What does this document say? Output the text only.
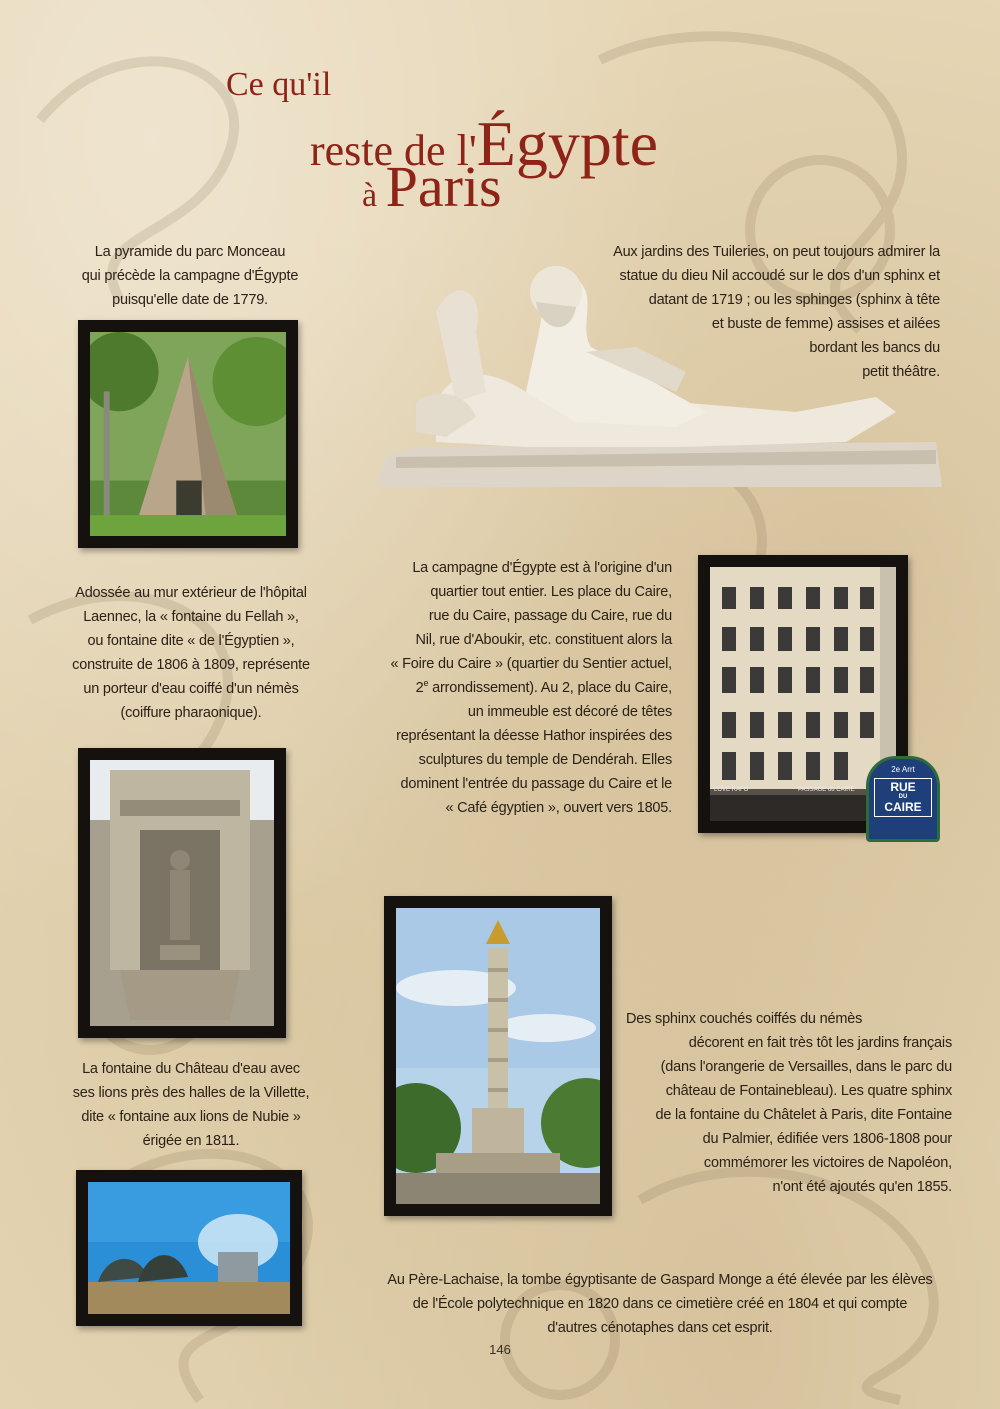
Ce qu'il
reste de l'Égypte
à Paris
La pyramide du parc Monceau
qui précède la campagne d'Égypte
puisqu'elle date de 1779.
Aux jardins des Tuileries, on peut toujours admirer la
statue du dieu Nil accoudé sur le dos d'un sphinx et
datant de 1719 ; ou les sphinges (sphinx à tête
et buste de femme) assises et ailées
bordant les bancs du
petit théâtre.
Adossée au mur extérieur de l'hôpital
Laennec, la « fontaine du Fellah »,
ou fontaine dite « de l'Égyptien »,
construite de 1806 à 1809, représente
un porteur d'eau coiffé d'un némès
(coiffure pharaonique).
La campagne d'Égypte est à l'origine d'un
quartier tout entier. Les place du Caire,
rue du Caire, passage du Caire, rue du
Nil, rue d'Aboukir, etc. constituent alors la
« Foire du Caire » (quartier du Sentier actuel,
2e arrondissement). Au 2, place du Caire,
un immeuble est décoré de têtes
représentant la déesse Hathor inspirées des
sculptures du temple de Dendérah. Elles
dominent l'entrée du passage du Caire et le
« Café égyptien », ouvert vers 1805.
PASSAGE du CAIRE
LOVE RAFO
2e Arrt
RUE
DU
CAIRE
La fontaine du Château d'eau avec
ses lions près des halles de la Villette,
dite « fontaine aux lions de Nubie »
érigée en 1811.
Des sphinx couchés coiffés du némès
décorent en fait très tôt les jardins français
(dans l'orangerie de Versailles, dans le parc du
château de Fontainebleau). Les quatre sphinx
de la fontaine du Châtelet à Paris, dite Fontaine
du Palmier, édifiée vers 1806-1808 pour
commémorer les victoires de Napoléon,
n'ont été ajoutés qu'en 1855.
Au Père-Lachaise, la tombe égyptisante de Gaspard Monge a été élevée par les élèves
de l'École polytechnique en 1820 dans ce cimetière créé en 1804 et qui compte
d'autres cénotaphes dans cet esprit.
146
